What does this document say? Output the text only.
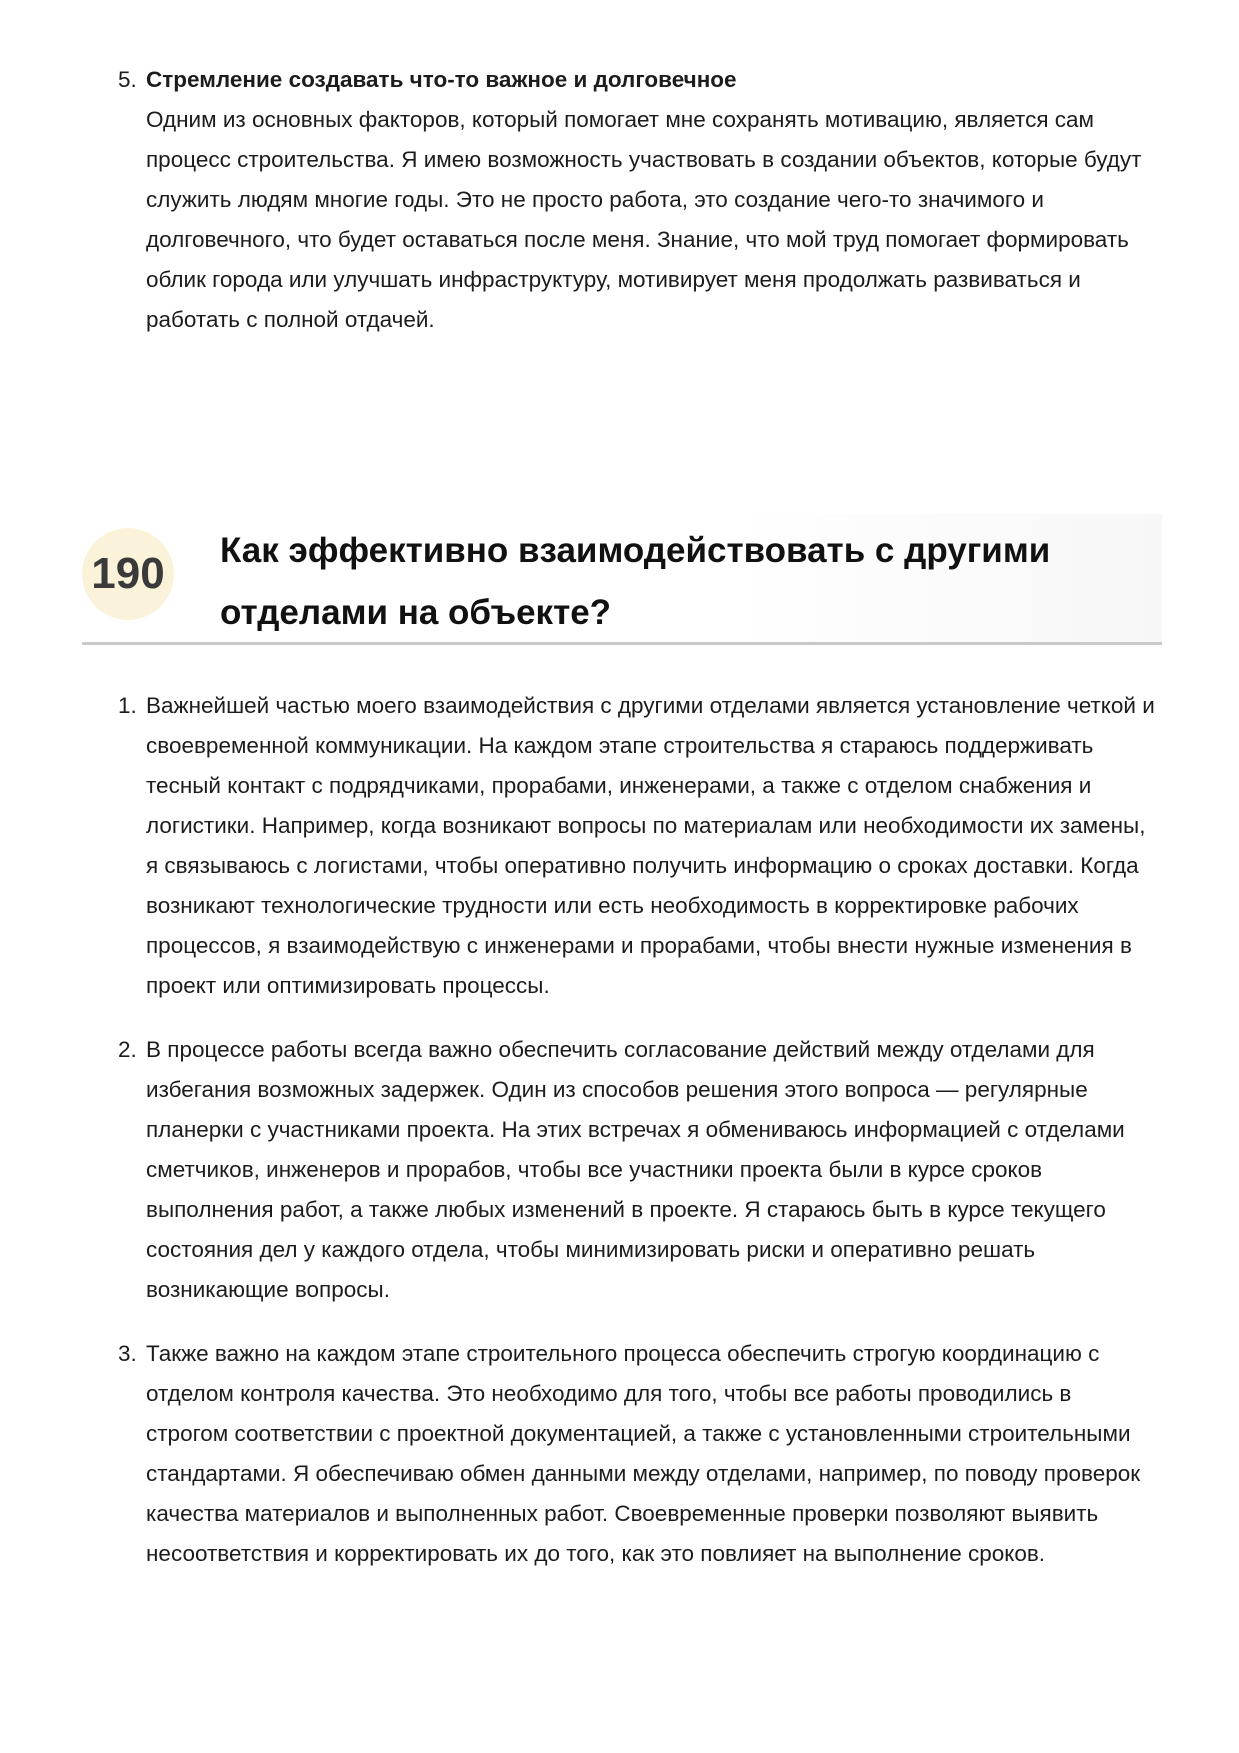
5. Стремление создавать что-то важное и долговечное
Одним из основных факторов, который помогает мне сохранять мотивацию, является сам процесс строительства. Я имею возможность участвовать в создании объектов, которые будут служить людям многие годы. Это не просто работа, это создание чего-то значимого и долговечного, что будет оставаться после меня. Знание, что мой труд помогает формировать облик города или улучшать инфраструктуру, мотивирует меня продолжать развиваться и работать с полной отдачей.
190 Как эффективно взаимодействовать с другими отделами на объекте?
1. Важнейшей частью моего взаимодействия с другими отделами является установление четкой и своевременной коммуникации. На каждом этапе строительства я стараюсь поддерживать тесный контакт с подрядчиками, прорабами, инженерами, а также с отделом снабжения и логистики. Например, когда возникают вопросы по материалам или необходимости их замены, я связываюсь с логистами, чтобы оперативно получить информацию о сроках доставки. Когда возникают технологические трудности или есть необходимость в корректировке рабочих процессов, я взаимодействую с инженерами и прорабами, чтобы внести нужные изменения в проект или оптимизировать процессы.
2. В процессе работы всегда важно обеспечить согласование действий между отделами для избегания возможных задержек. Один из способов решения этого вопроса — регулярные планерки с участниками проекта. На этих встречах я обмениваюсь информацией с отделами сметчиков, инженеров и прорабов, чтобы все участники проекта были в курсе сроков выполнения работ, а также любых изменений в проекте. Я стараюсь быть в курсе текущего состояния дел у каждого отдела, чтобы минимизировать риски и оперативно решать возникающие вопросы.
3. Также важно на каждом этапе строительного процесса обеспечить строгую координацию с отделом контроля качества. Это необходимо для того, чтобы все работы проводились в строгом соответствии с проектной документацией, а также с установленными строительными стандартами. Я обеспечиваю обмен данными между отделами, например, по поводу проверок качества материалов и выполненных работ. Своевременные проверки позволяют выявить несоответствия и корректировать их до того, как это повлияет на выполнение сроков.
